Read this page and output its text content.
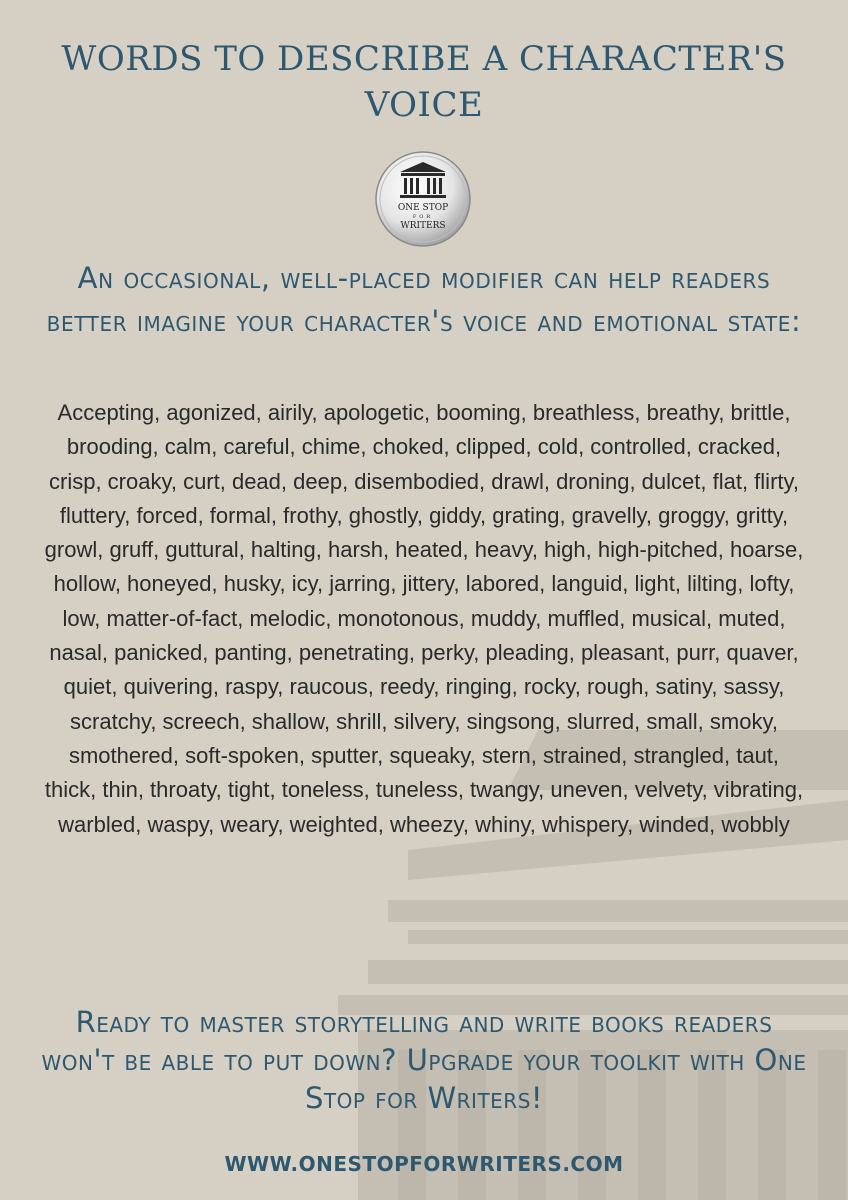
WORDS TO DESCRIBE A CHARACTER'S VOICE
ONE STOP
FOR
WRITERS

An occasional, well-placed modifier can help readers better imagine your character's voice and emotional state:

Accepting, agonized, airily, apologetic, booming, breathless, breathy, brittle, brooding, calm, careful, chime, choked, clipped, cold, controlled, cracked, crisp, croaky, curt, dead, deep, disembodied, drawl, droning, dulcet, flat, flirty, fluttery, forced, formal, frothy, ghostly, giddy, grating, gravelly, groggy, gritty, growl, gruff, guttural, halting, harsh, heated, heavy, high, high-pitched, hoarse, hollow, honeyed, husky, icy, jarring, jittery, labored, languid, light, lilting, lofty, low, matter-of-fact, melodic, monotonous, muddy, muffled, musical, muted, nasal, panicked, panting, penetrating, perky, pleading, pleasant, purr, quaver, quiet, quivering, raspy, raucous, reedy, ringing, rocky, rough, satiny, sassy, scratchy, screech, shallow, shrill, silvery, singsong, slurred, small, smoky, smothered, soft-spoken, sputter, squeaky, stern, strained, strangled, taut, thick, thin, throaty, tight, toneless, tuneless, twangy, uneven, velvety, vibrating, warbled, waspy, weary, weighted, wheezy, whiny, whispery, winded, wobbly

Ready to master storytelling and write books readers won't be able to put down? Upgrade your toolkit with One Stop for Writers!

WWW.ONESTOPFORWRITERS.COM
